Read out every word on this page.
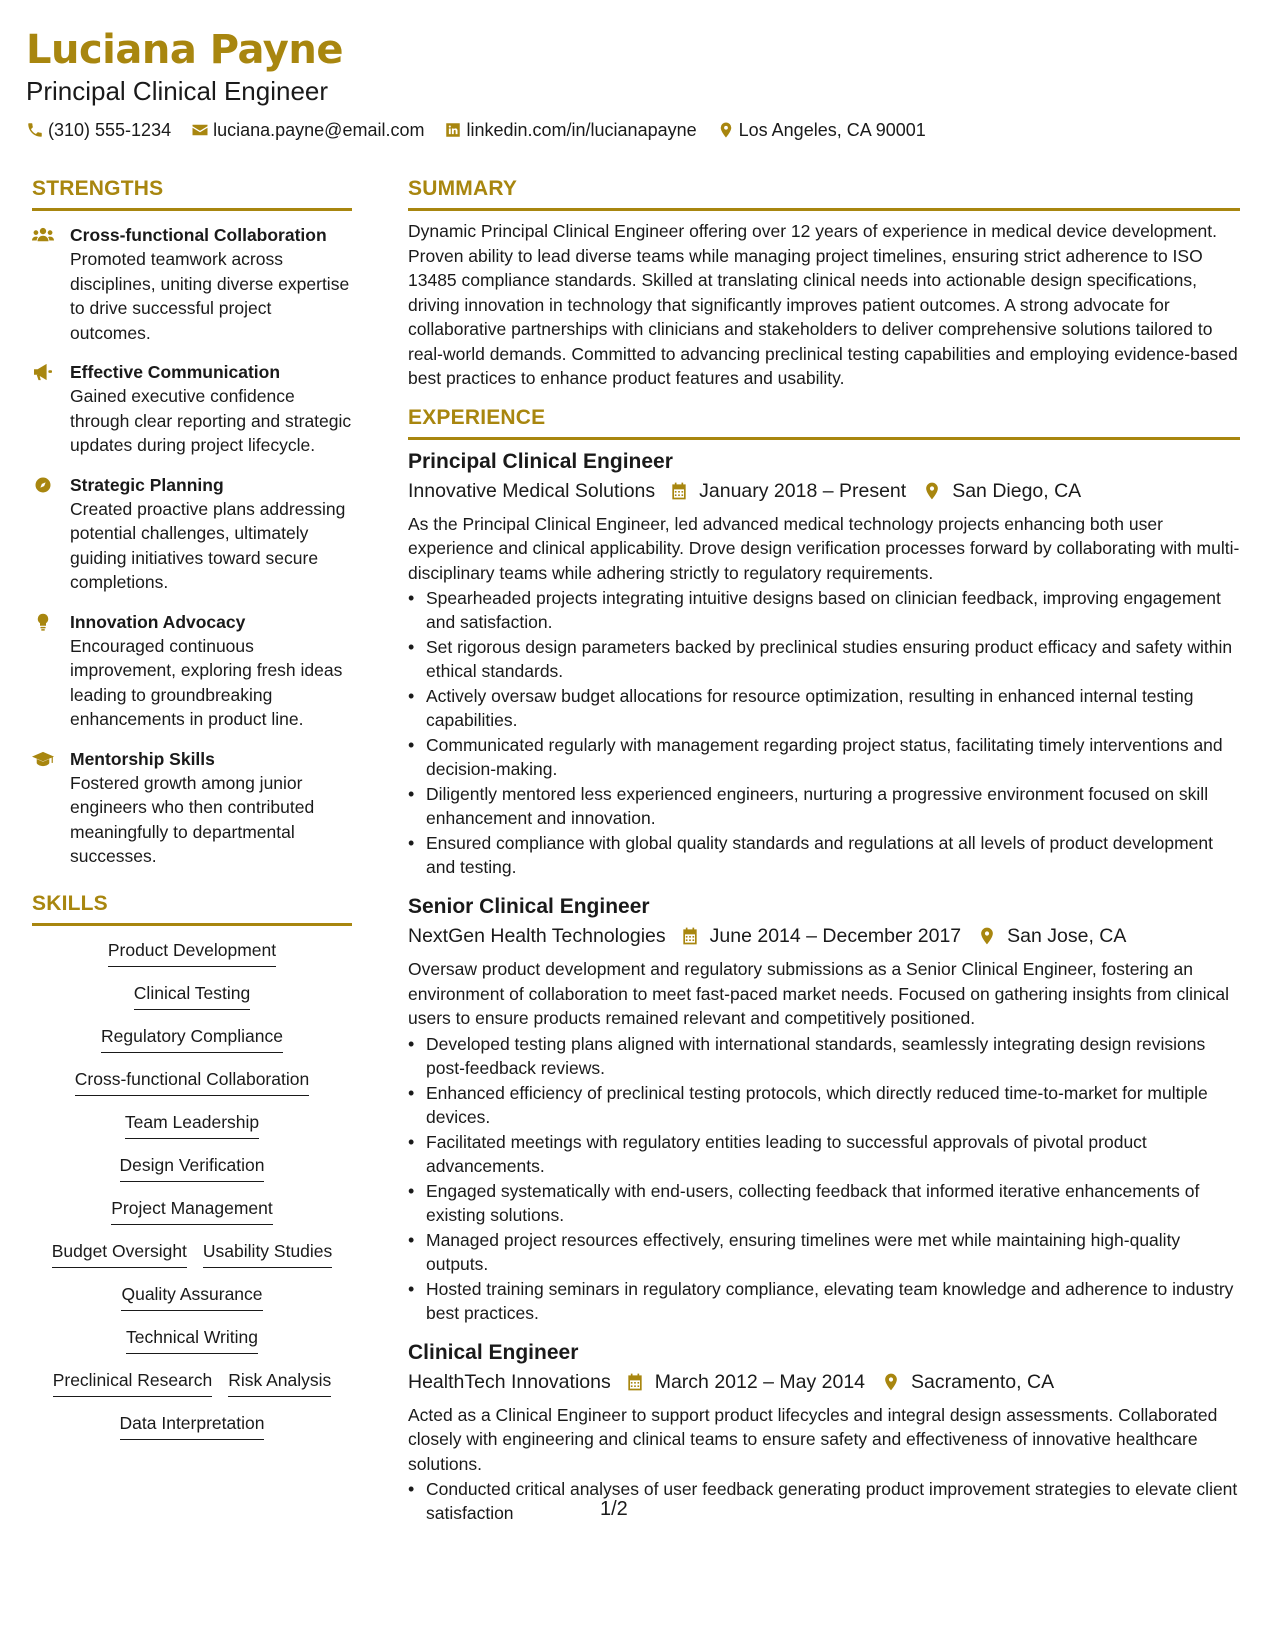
Luciana Payne
Principal Clinical Engineer
(310) 555-1234 luciana.payne@email.com linkedin.com/in/lucianapayne Los Angeles, CA 90001
STRENGTHS
Cross-functional Collaboration
Promoted teamwork across disciplines, uniting diverse expertise to drive successful project outcomes.
Effective Communication
Gained executive confidence through clear reporting and strategic updates during project lifecycle.
Strategic Planning
Created proactive plans addressing potential challenges, ultimately guiding initiatives toward secure completions.
Innovation Advocacy
Encouraged continuous improvement, exploring fresh ideas leading to groundbreaking enhancements in product line.
Mentorship Skills
Fostered growth among junior engineers who then contributed meaningfully to departmental successes.
SKILLS
Product Development
Clinical Testing
Regulatory Compliance
Cross-functional Collaboration
Team Leadership
Design Verification
Project Management
Budget Oversight Usability Studies
Quality Assurance
Technical Writing
Preclinical Research Risk Analysis
Data Interpretation
SUMMARY
Dynamic Principal Clinical Engineer offering over 12 years of experience in medical device development. Proven ability to lead diverse teams while managing project timelines, ensuring strict adherence to ISO 13485 compliance standards. Skilled at translating clinical needs into actionable design specifications, driving innovation in technology that significantly improves patient outcomes. A strong advocate for collaborative partnerships with clinicians and stakeholders to deliver comprehensive solutions tailored to real-world demands. Committed to advancing preclinical testing capabilities and employing evidence-based best practices to enhance product features and usability.
EXPERIENCE
Principal Clinical Engineer
Innovative Medical Solutions January 2018 – Present San Diego, CA
As the Principal Clinical Engineer, led advanced medical technology projects enhancing both user experience and clinical applicability. Drove design verification processes forward by collaborating with multi-disciplinary teams while adhering strictly to regulatory requirements.
• Spearheaded projects integrating intuitive designs based on clinician feedback, improving engagement and satisfaction.
• Set rigorous design parameters backed by preclinical studies ensuring product efficacy and safety within ethical standards.
• Actively oversaw budget allocations for resource optimization, resulting in enhanced internal testing capabilities.
• Communicated regularly with management regarding project status, facilitating timely interventions and decision-making.
• Diligently mentored less experienced engineers, nurturing a progressive environment focused on skill enhancement and innovation.
• Ensured compliance with global quality standards and regulations at all levels of product development and testing.
Senior Clinical Engineer
NextGen Health Technologies June 2014 – December 2017 San Jose, CA
Oversaw product development and regulatory submissions as a Senior Clinical Engineer, fostering an environment of collaboration to meet fast-paced market needs. Focused on gathering insights from clinical users to ensure products remained relevant and competitively positioned.
• Developed testing plans aligned with international standards, seamlessly integrating design revisions post-feedback reviews.
• Enhanced efficiency of preclinical testing protocols, which directly reduced time-to-market for multiple devices.
• Facilitated meetings with regulatory entities leading to successful approvals of pivotal product advancements.
• Engaged systematically with end-users, collecting feedback that informed iterative enhancements of existing solutions.
• Managed project resources effectively, ensuring timelines were met while maintaining high-quality outputs.
• Hosted training seminars in regulatory compliance, elevating team knowledge and adherence to industry best practices.
Clinical Engineer
HealthTech Innovations March 2012 – May 2014 Sacramento, CA
Acted as a Clinical Engineer to support product lifecycles and integral design assessments. Collaborated closely with engineering and clinical teams to ensure safety and effectiveness of innovative healthcare solutions.
• Conducted critical analyses of user feedback generating product improvement strategies to elevate client satisfaction	1/2
